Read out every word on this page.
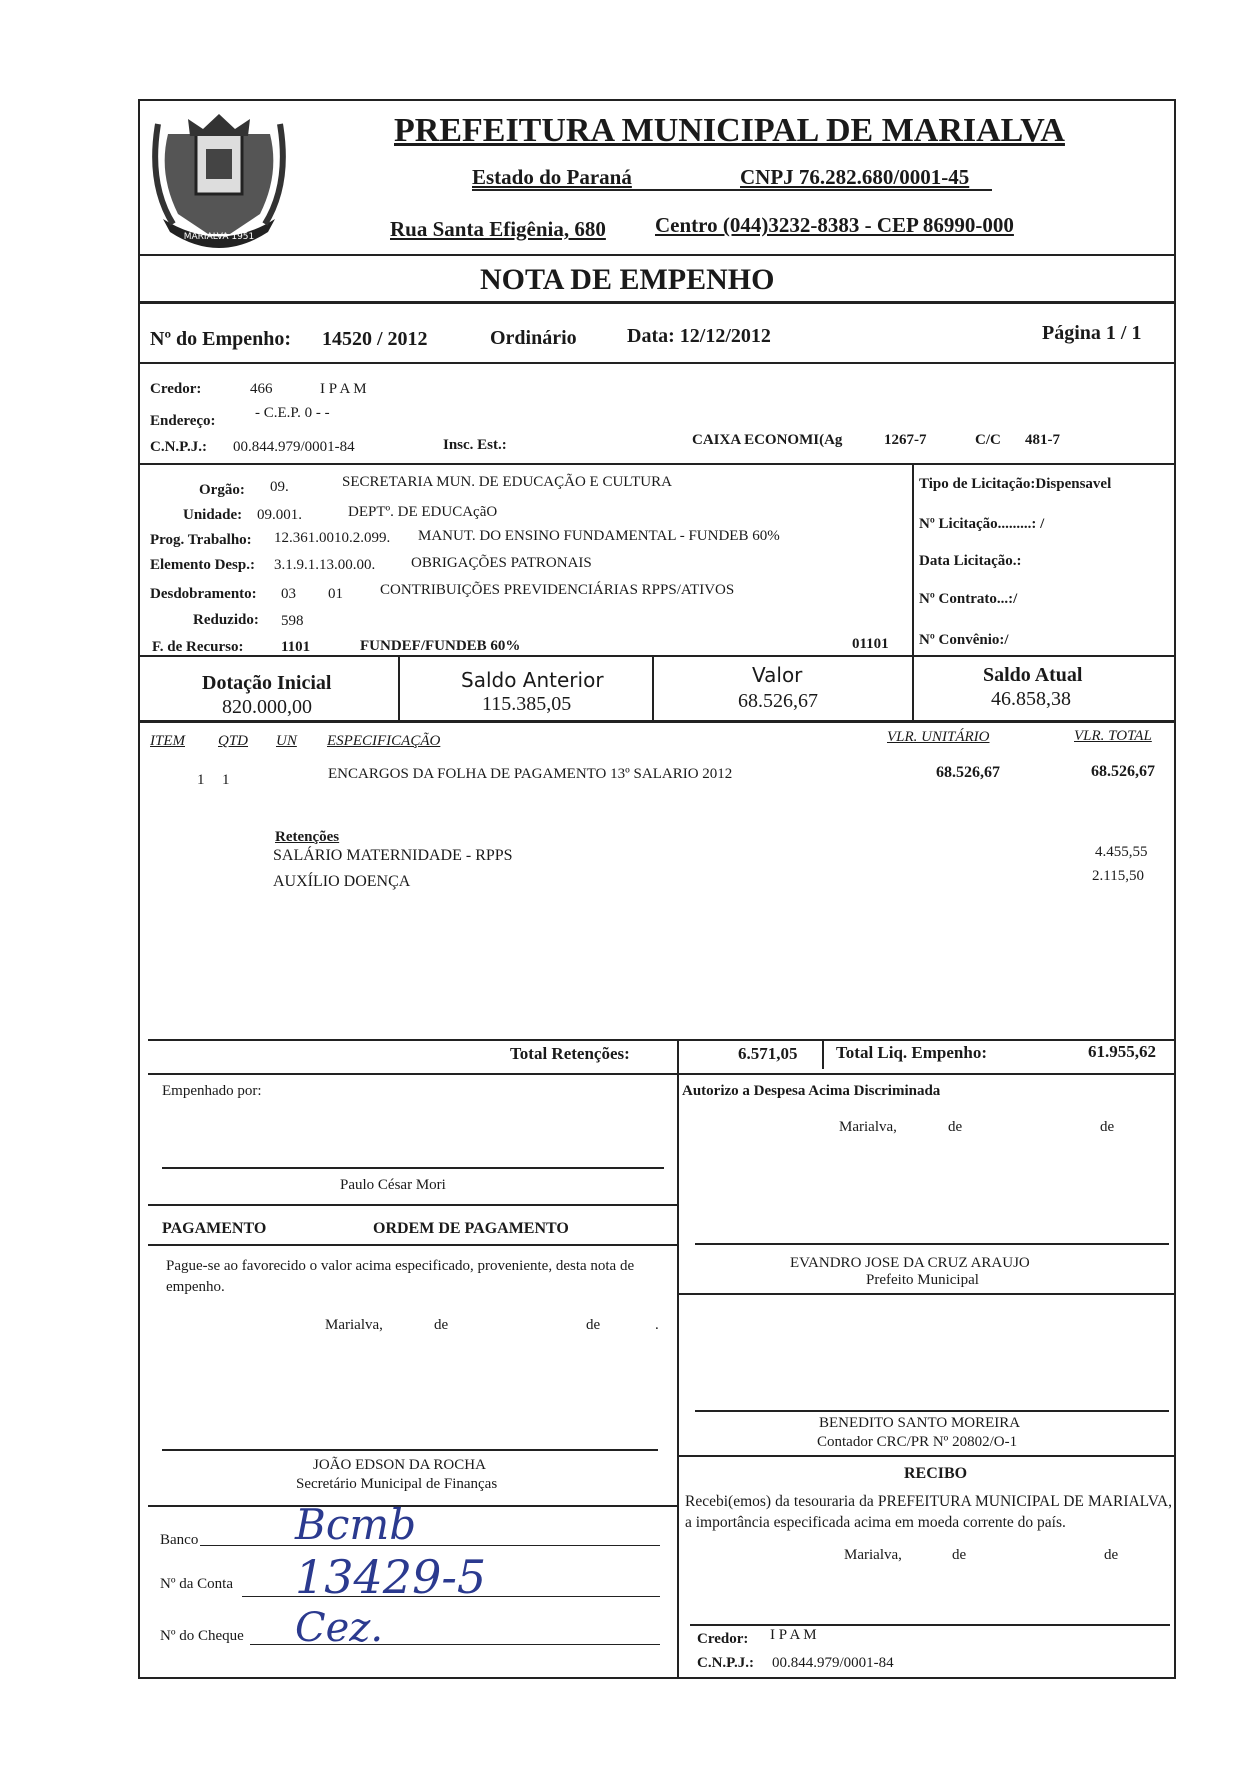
MARIALVA 1951
PREFEITURA MUNICIPAL DE MARIALVA
Estado do Paraná	CNPJ 76.282.680/0001-45
Rua Santa Efigênia, 680 Centro (044)3232-8383 - CEP 86990-000
NOTA DE EMPENHO
Nº do Empenho: 14520 / 2012	Ordinário	Data: 12/12/2012	Página 1 / 1
Credor:	466	I P A M
Endereço:	- C.E.P. 0 - -
C.N.P.J.: 00.844.979/0001-84	Insc. Est.:	CAIXA ECONOMI(Ag	1267-7	C/C 481-7
Orgão: 09.	SECRETARIA MUN. DE EDUCAÇÃO E CULTURA
Unidade: 09.001.	DEPTº. DE EDUCAçãO
Prog. Trabalho: 12.361.0010.2.099. MANUT. DO ENSINO FUNDAMENTAL - FUNDEB 60%
Elemento Desp.: 3.1.9.1.13.00.00. OBRIGAÇÕES PATRONAIS
Desdobramento: 03 01 CONTRIBUIÇÕES PREVIDENCIÁRIAS RPPS/ATIVOS
Reduzido: 598
F. de Recurso: 1101	FUNDEF/FUNDEB 60%	01101
Tipo de Licitação:Dispensavel
Nº Licitação.........: /
Data Licitação.:
Nº Contrato...:/
Nº Convênio:/
Dotação Inicial
820.000,00
Saldo Anterior
115.385,05
Valor
68.526,67
Saldo Atual
46.858,38
ITEM QTD UN ESPECIFICAÇÃO	VLR. UNITÁRIO	VLR. TOTAL
1 1	ENCARGOS DA FOLHA DE PAGAMENTO 13º SALARIO 2012	68.526,67	68.526,67
Retenções
SALÁRIO MATERNIDADE - RPPS	4.455,55
AUXÍLIO DOENÇA	2.115,50
Total Retenções:	6.571,05 Total Liq. Empenho:	61.955,62
Empenhado por:
Paulo César Mori
PAGAMENTO	ORDEM DE PAGAMENTO
Pague-se ao favorecido o valor acima especificado, proveniente, desta nota de empenho.
Marialva,	de	de	.
JOÃO EDSON DA ROCHA
Secretário Municipal de Finanças
Banco Bcmb
Nº da Conta 13429-5
Nº do Cheque Cez.
Autorizo a Despesa Acima Discriminada
Marialva,	de	de
EVANDRO JOSE DA CRUZ ARAUJO
Prefeito Municipal
BENEDITO SANTO MOREIRA
Contador CRC/PR Nº 20802/O-1
RECIBO
Recebi(emos) da tesouraria da PREFEITURA MUNICIPAL DE MARIALVA, a importância especificada acima em moeda corrente do país.
Marialva,	de	de
Credor: I P A M
C.N.P.J.: 00.844.979/0001-84
